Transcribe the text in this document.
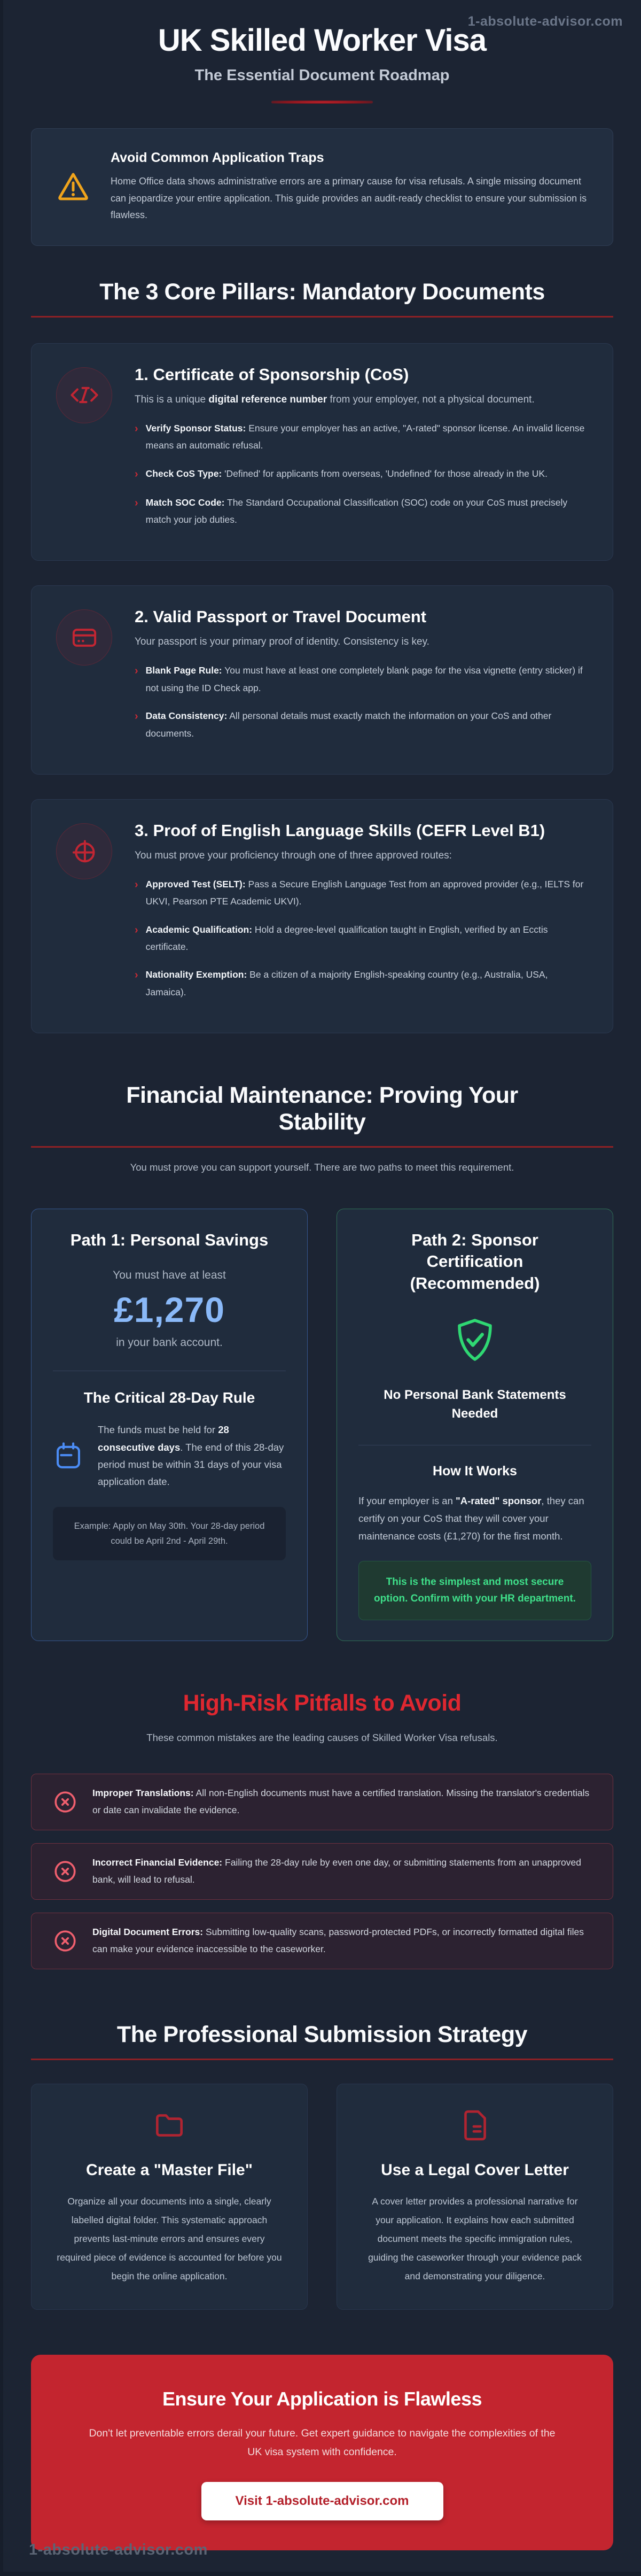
1-absolute-advisor.com
UK Skilled Worker Visa
The Essential Document Roadmap
Avoid Common Application Traps

Home Office data shows administrative errors are a primary cause for visa refusals. A single missing document can jeopardize your entire application. This guide provides an audit-ready checklist to ensure your submission is flawless.

The 3 Core Pillars: Mandatory Documents
1. Certificate of Sponsorship (CoS)

This is a unique digital reference number from your employer, not a physical document.

› Verify Sponsor Status: Ensure your employer has an active, "A-rated" sponsor license. An invalid license means an automatic refusal.

› Check CoS Type: 'Defined' for applicants from overseas, 'Undefined' for those already in the UK.

› Match SOC Code: The Standard Occupational Classification (SOC) code on your CoS must precisely match your job duties.

2. Valid Passport or Travel Document

Your passport is your primary proof of identity. Consistency is key.

› Blank Page Rule: You must have at least one completely blank page for the visa vignette (entry sticker) if not using the ID Check app.

› Data Consistency: All personal details must exactly match the information on your CoS and other documents.

3. Proof of English Language Skills (CEFR Level B1)

You must prove your proficiency through one of three approved routes:

› Approved Test (SELT): Pass a Secure English Language Test from an approved provider (e.g., IELTS for UKVI, Pearson PTE Academic UKVI).

› Academic Qualification: Hold a degree-level qualification taught in English, verified by an Ecctis certificate.

› Nationality Exemption: Be a citizen of a majority English-speaking country (e.g., Australia, USA, Jamaica).

Financial Maintenance: Proving Your Stability

You must prove you can support yourself. There are two paths to meet this requirement.

Path 1: Personal Savings

You must have at least

£1,270

in your bank account.

The Critical 28-Day Rule

The funds must be held for 28 consecutive days. The end of this 28-day period must be within 31 days of your visa application date.

Example: Apply on May 30th. Your 28-day period could be April 2nd - April 29th.
Path 2: Sponsor Certification (Recommended)
No Personal Bank Statements Needed
How It Works

If your employer is an "A-rated" sponsor, they can certify on your CoS that they will cover your maintenance costs (£1,270) for the first month.

This is the simplest and most secure option. Confirm with your HR department.
High-Risk Pitfalls to Avoid

These common mistakes are the leading causes of Skilled Worker Visa refusals.

Improper Translations: All non-English documents must have a certified translation. Missing the translator's credentials or date can invalidate the evidence.

Incorrect Financial Evidence: Failing the 28-day rule by even one day, or submitting statements from an unapproved bank, will lead to refusal.

Digital Document Errors: Submitting low-quality scans, password-protected PDFs, or incorrectly formatted digital files can make your evidence inaccessible to the caseworker.

The Professional Submission Strategy
Create a "Master File"

Organize all your documents into a single, clearly labelled digital folder. This systematic approach prevents last-minute errors and ensures every required piece of evidence is accounted for before you begin the online application.

Use a Legal Cover Letter

A cover letter provides a professional narrative for your application. It explains how each submitted document meets the specific immigration rules, guiding the caseworker through your evidence pack and demonstrating your diligence.

Ensure Your Application is Flawless

Don't let preventable errors derail your future. Get expert guidance to navigate the complexities of the UK visa system with confidence.

Visit 1-absolute-advisor.com
1-absolute-advisor.com
